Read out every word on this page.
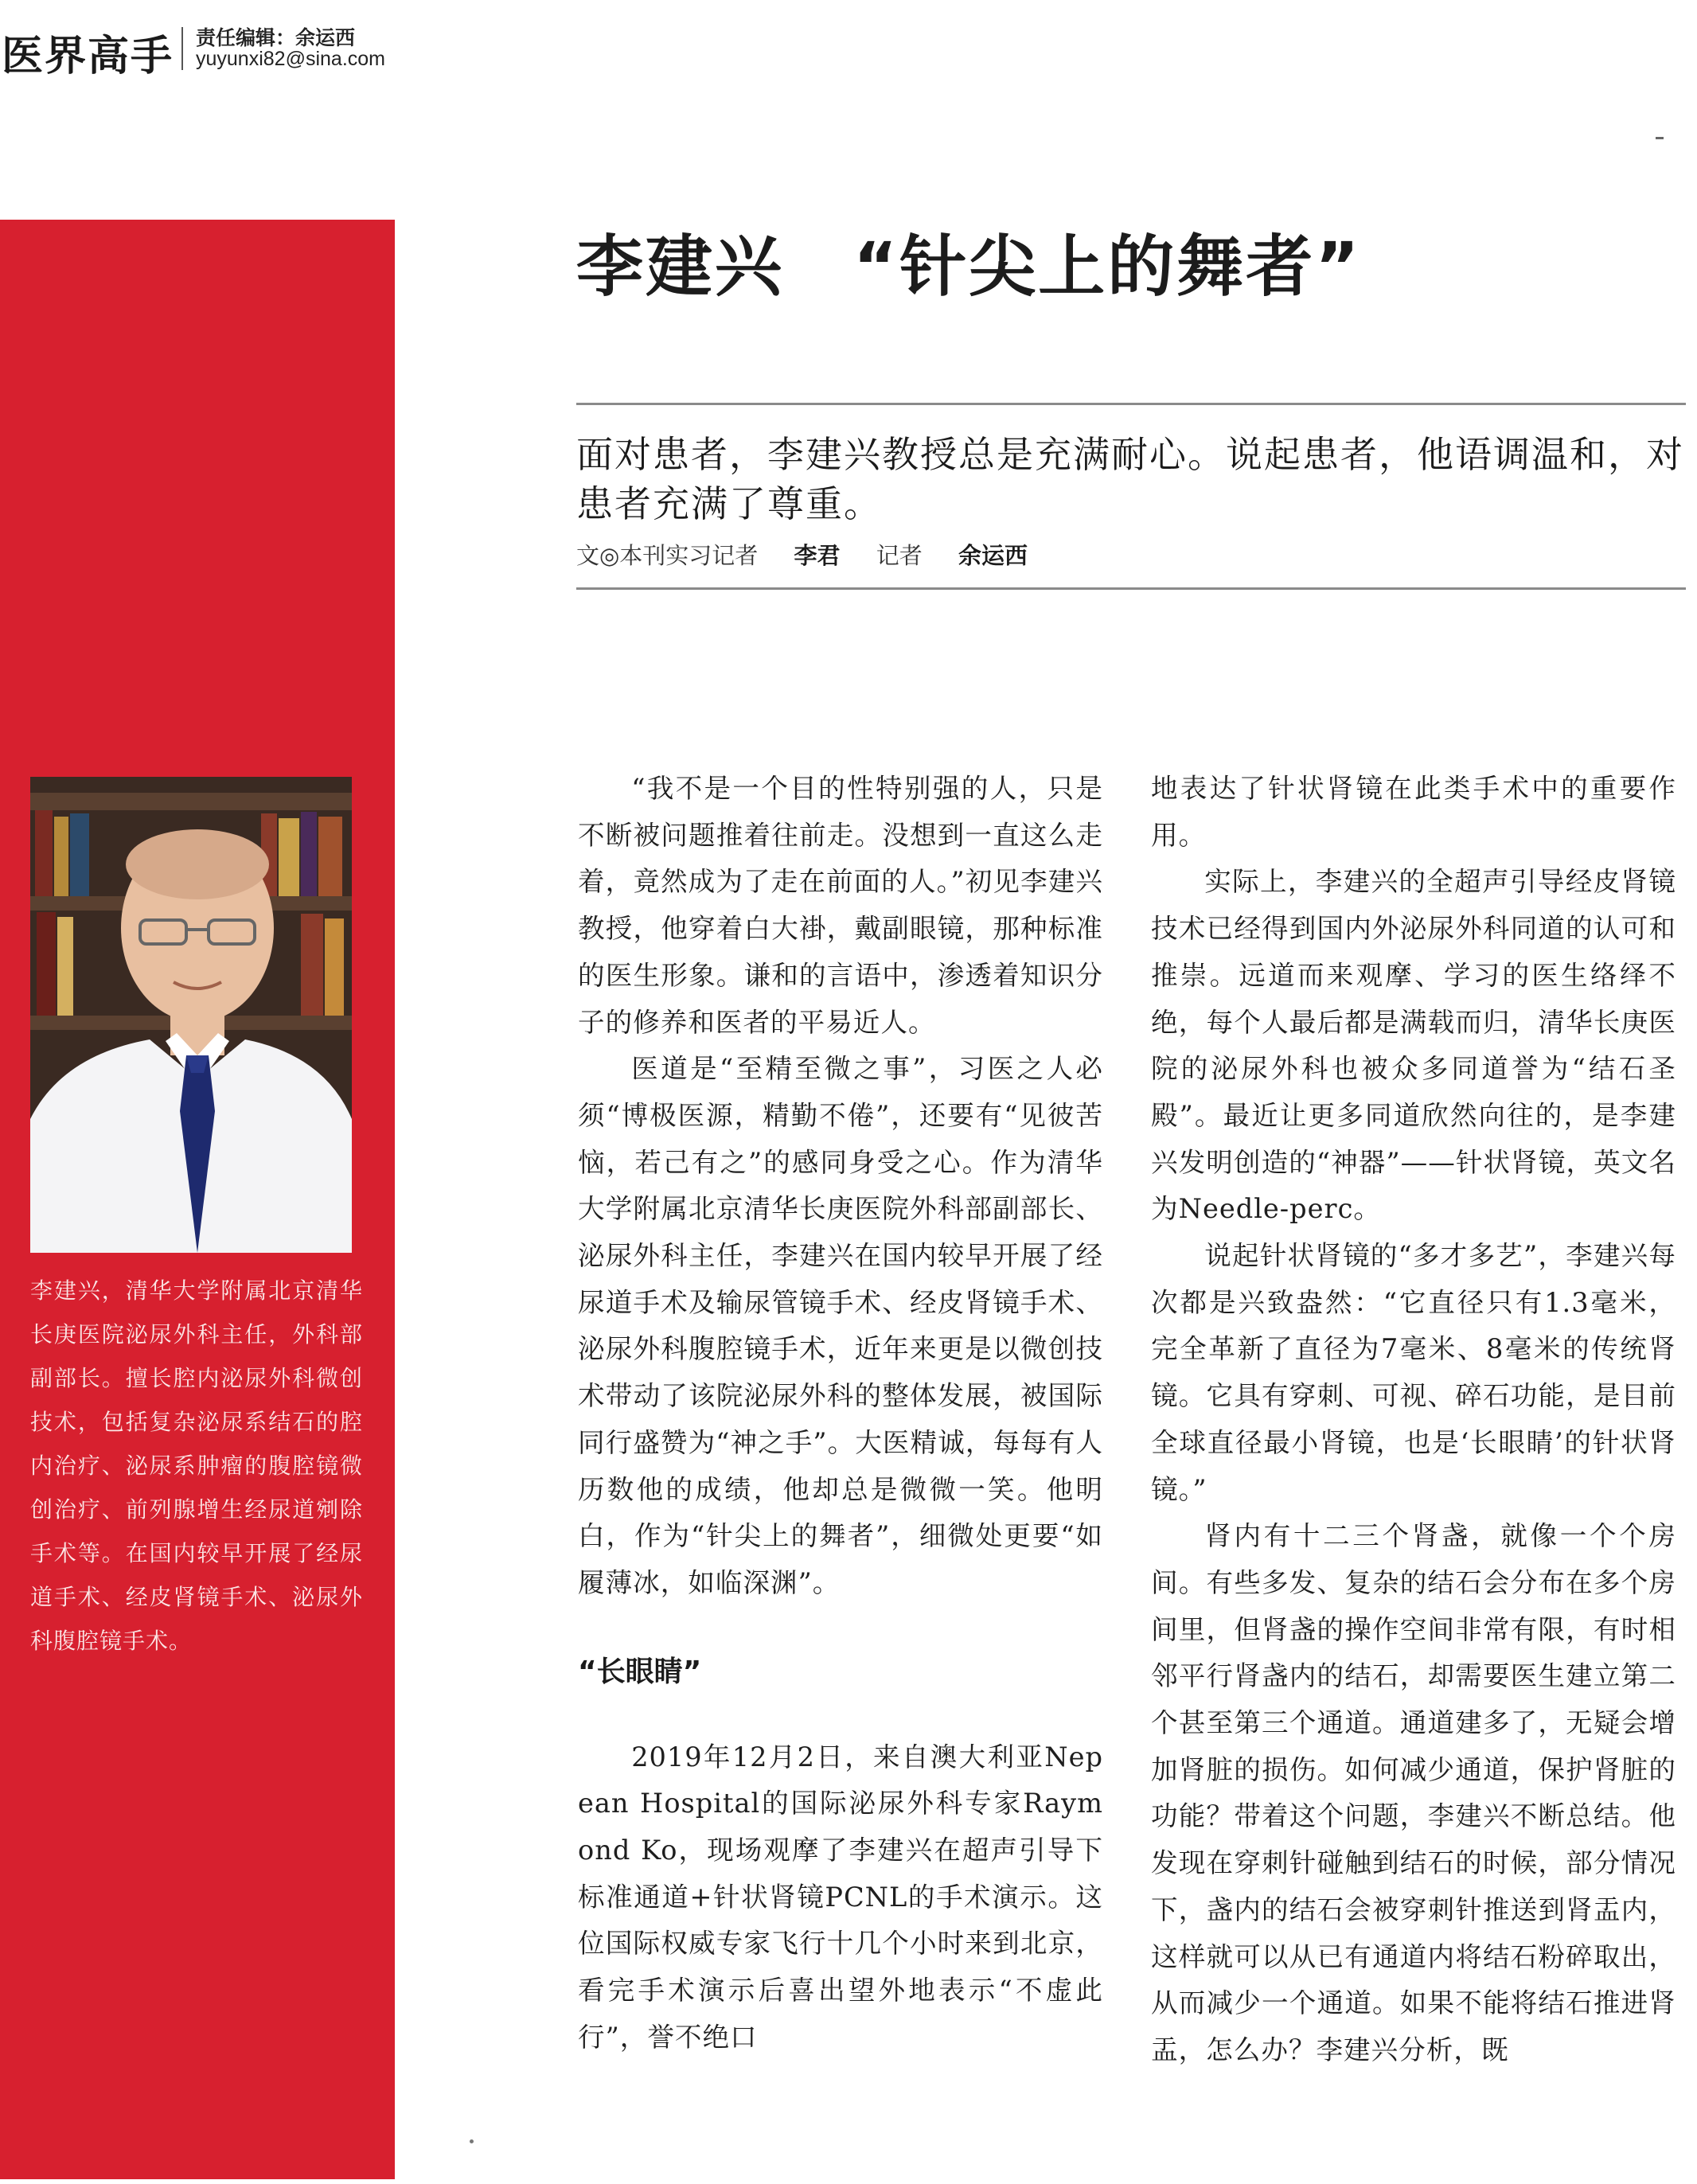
医界高手 责任编辑：余运西
yuyunxi82@sina.com
李建兴，清华大学附属北京清华长庚医院泌尿外科主任，外科部副部长。擅长腔内泌尿外科微创技术，包括复杂泌尿系结石的腔内治疗、泌尿系肿瘤的腹腔镜微创治疗、前列腺增生经尿道剜除手术等。在国内较早开展了经尿道手术、经皮肾镜手术、泌尿外科腹腔镜手术。
李建兴　“针尖上的舞者”
面对患者，李建兴教授总是充满耐心。说起患者，他语调温和，对患者充满了尊重。
文◎本刊实习记者 李君 记者 余运西

“我不是一个目的性特别强的人，只是不断被问题推着往前走。没想到一直这么走着，竟然成为了走在前面的人。”初见李建兴教授，他穿着白大褂，戴副眼镜，那种标准的医生形象。谦和的言语中，渗透着知识分子的修养和医者的平易近人。

医道是“至精至微之事”，习医之人必须“博极医源，精勤不倦”，还要有“见彼苦恼，若己有之”的感同身受之心。作为清华大学附属北京清华长庚医院外科部副部长、泌尿外科主任，李建兴在国内较早开展了经尿道手术及输尿管镜手术、经皮肾镜手术、泌尿外科腹腔镜手术，近年来更是以微创技术带动了该院泌尿外科的整体发展，被国际同行盛赞为“神之手”。大医精诚，每每有人历数他的成绩，他却总是微微一笑。他明白，作为“针尖上的舞者”，细微处更要“如履薄冰，如临深渊”。

“长眼睛”

2019年12月2日，来自澳大利亚Nepean Hospital的国际泌尿外科专家Raymond Ko，现场观摩了李建兴在超声引导下标准通道+针状肾镜PCNL的手术演示。这位国际权威专家飞行十几个小时来到北京，看完手术演示后喜出望外地表示“不虚此行”，誉不绝口

地表达了针状肾镜在此类手术中的重要作用。

实际上，李建兴的全超声引导经皮肾镜技术已经得到国内外泌尿外科同道的认可和推崇。远道而来观摩、学习的医生络绎不绝，每个人最后都是满载而归，清华长庚医院的泌尿外科也被众多同道誉为“结石圣殿”。最近让更多同道欣然向往的，是李建兴发明创造的“神器”——针状肾镜，英文名为Needle-perc。

说起针状肾镜的“多才多艺”，李建兴每次都是兴致盎然：“它直径只有1.3毫米，完全革新了直径为7毫米、8毫米的传统肾镜。它具有穿刺、可视、碎石功能，是目前全球直径最小肾镜，也是‘长眼睛’的针状肾镜。”

肾内有十二三个肾盏，就像一个个房间。有些多发、复杂的结石会分布在多个房间里，但肾盏的操作空间非常有限，有时相邻平行肾盏内的结石，却需要医生建立第二个甚至第三个通道。通道建多了，无疑会增加肾脏的损伤。如何减少通道，保护肾脏的功能？带着这个问题，李建兴不断总结。他发现在穿刺针碰触到结石的时候，部分情况下，盏内的结石会被穿刺针推送到肾盂内，这样就可以从已有通道内将结石粉碎取出，从而减少一个通道。如果不能将结石推进肾盂，怎么办？李建兴分析，既
